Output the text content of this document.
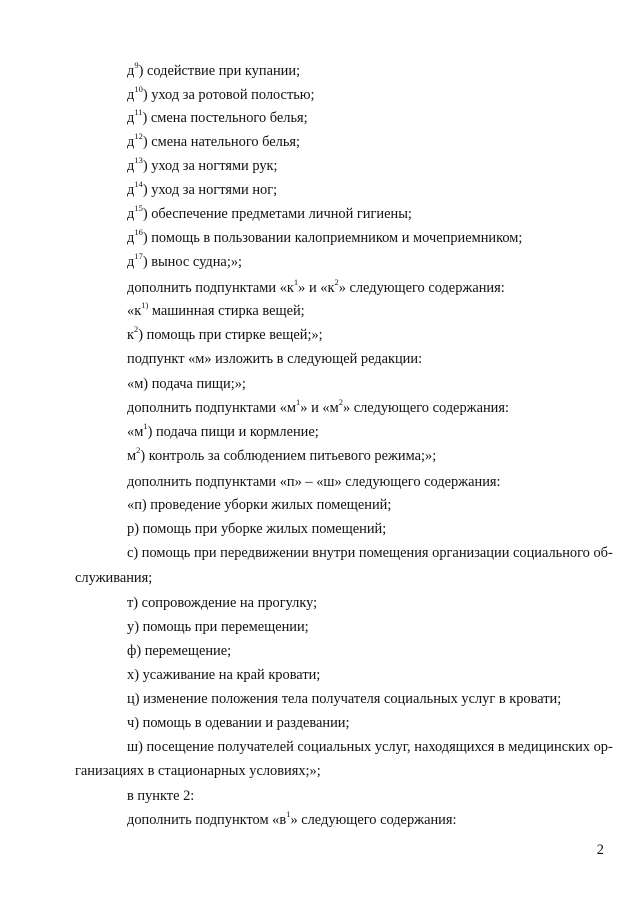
2
$д^9$) содействие при купании;
$д^{10}$) уход за ротовой полостью;
$д^{11}$) смена постельного белья;
$д^{12}$) смена нательного белья;
$д^{13}$) уход за ногтями рук;
$д^{14}$) уход за ногтями ног;
$д^{15}$) обеспечение предметами личной гигиены;
$д^{16}$) помощь в пользовании калоприемником и мочеприемником;
$д^{17}$) вынос судна;»;
дополнить подпунктами «$к^1$» и «$к^2$» следующего содержания:
«$к^{1)}$ машинная стирка вещей;
$к^2$) помощь при стирке вещей;»;
подпункт «м» изложить в следующей редакции:
«м) подача пищи;»;
дополнить подпунктами «$м^1$» и «$м^2$» следующего содержания:
«$м^1$) подача пищи и кормление;
$м^2$) контроль за соблюдением питьевого режима;»;
дополнить подпунктами «п» – «ш» следующего содержания:
«п) проведение уборки жилых помещений;
р) помощь при уборке жилых помещений;
с) помощь при передвижении внутри помещения организации социального об-
служивания;
т) сопровождение на прогулку;
у) помощь при перемещении;
ф) перемещение;
х) усаживание на край кровати;
ц) изменение положения тела получателя социальных услуг в кровати;
ч) помощь в одевании и раздевании;
ш) посещение получателей социальных услуг, находящихся в медицинских ор-
ганизациях в стационарных условиях;»;
в пункте 2:
дополнить подпунктом «$в^1$» следующего содержания:
